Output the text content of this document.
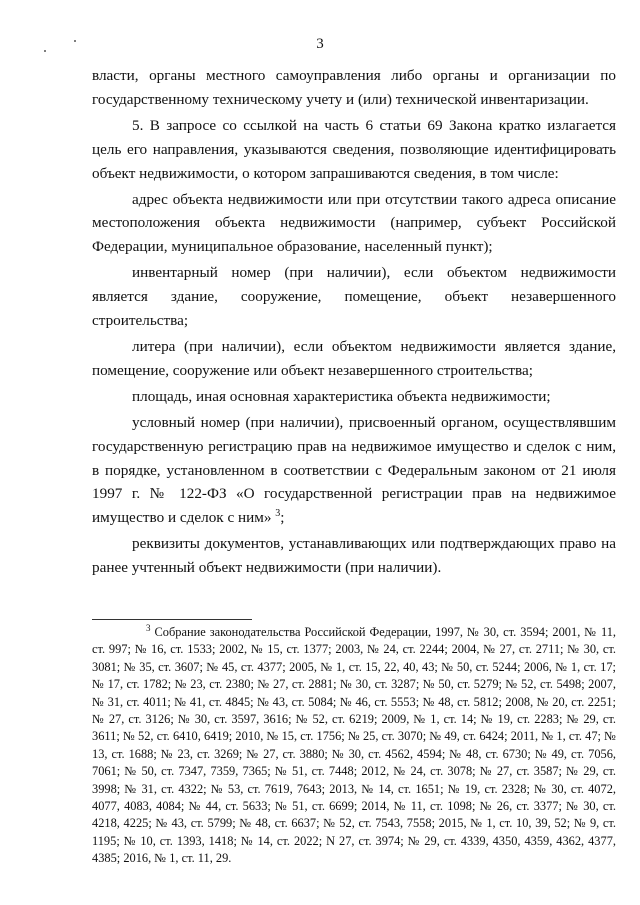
3

власти, органы местного самоуправления либо органы и организации по государственному техническому учету и (или) технической инвентаризации.

5. В запросе со ссылкой на часть 6 статьи 69 Закона кратко излагается цель его направления, указываются сведения, позволяющие идентифицировать объект недвижимости, о котором запрашиваются сведения, в том числе:

адрес объекта недвижимости или при отсутствии такого адреса описание местоположения объекта недвижимости (например, субъект Российской Федерации, муниципальное образование, населенный пункт);

инвентарный номер (при наличии), если объектом недвижимости является здание, сооружение, помещение, объект незавершенного строительства;

литера (при наличии), если объектом недвижимости является здание, помещение, сооружение или объект незавершенного строительства;

площадь, иная основная характеристика объекта недвижимости;

условный номер (при наличии), присвоенный органом, осуществлявшим государственную регистрацию прав на недвижимое имущество и сделок с ним, в порядке, установленном в соответствии с Федеральным законом от 21 июля 1997 г. № 122-ФЗ «О государственной регистрации прав на недвижимое имущество и сделок с ним» $^3$;

реквизиты документов, устанавливающих или подтверждающих право на ранее учтенный объект недвижимости (при наличии).

$^3$ Собрание законодательства Российской Федерации, 1997, № 30, ст. 3594; 2001, № 11, ст. 997; № 16, ст. 1533; 2002, № 15, ст. 1377; 2003, № 24, ст. 2244; 2004, № 27, ст. 2711; № 30, ст. 3081; № 35, ст. 3607; № 45, ст. 4377; 2005, № 1, ст. 15, 22, 40, 43; № 50, ст. 5244; 2006, № 1, ст. 17; № 17, ст. 1782; № 23, ст. 2380; № 27, ст. 2881; № 30, ст. 3287; № 50, ст. 5279; № 52, ст. 5498; 2007, № 31, ст. 4011; № 41, ст. 4845; № 43, ст. 5084; № 46, ст. 5553; № 48, ст. 5812; 2008, № 20, ст. 2251; № 27, ст. 3126; № 30, ст. 3597, 3616; № 52, ст. 6219; 2009, № 1, ст. 14; № 19, ст. 2283; № 29, ст. 3611; № 52, ст. 6410, 6419; 2010, № 15, ст. 1756; № 25, ст. 3070; № 49, ст. 6424; 2011, № 1, ст. 47; № 13, ст. 1688; № 23, ст. 3269; № 27, ст. 3880; № 30, ст. 4562, 4594; № 48, ст. 6730; № 49, ст. 7056, 7061; № 50, ст. 7347, 7359, 7365; № 51, ст. 7448; 2012, № 24, ст. 3078; № 27, ст. 3587; № 29, ст. 3998; № 31, ст. 4322; № 53, ст. 7619, 7643; 2013, № 14, ст. 1651; № 19, ст. 2328; № 30, ст. 4072, 4077, 4083, 4084; № 44, ст. 5633; № 51, ст. 6699; 2014, № 11, ст. 1098; № 26, ст. 3377; № 30, ст. 4218, 4225; № 43, ст. 5799; № 48, ст. 6637; № 52, ст. 7543, 7558; 2015, № 1, ст. 10, 39, 52; № 9, ст. 1195; № 10, ст. 1393, 1418; № 14, ст. 2022; N 27, ст. 3974; № 29, ст. 4339, 4350, 4359, 4362, 4377, 4385; 2016, № 1, ст. 11, 29.
